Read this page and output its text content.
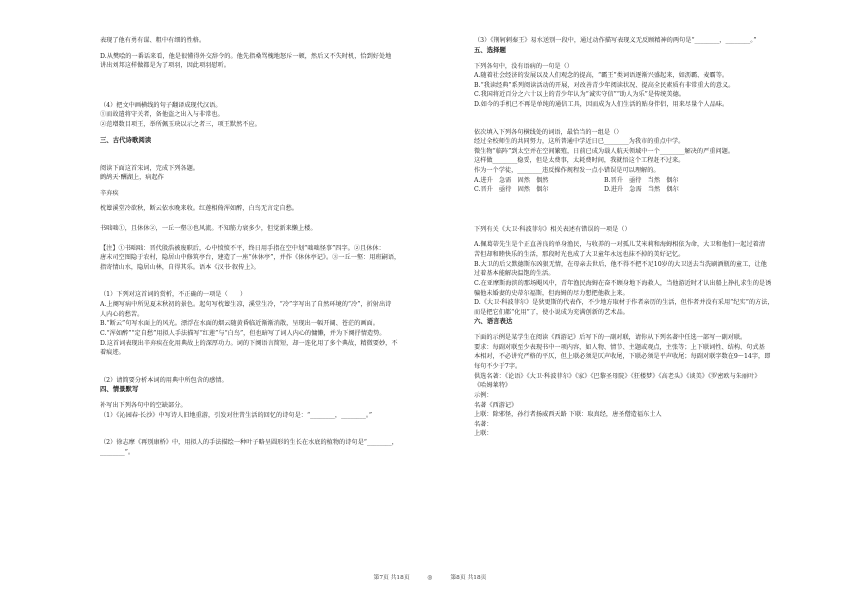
表现了他有勇有谋、粗中有细的性格。

D.从樊哙的一番话来看，他是很懂得外交辞令的。他先指桑骂槐地怒斥一顿，然后又不失时机，恰到好处地

讲出刘邦这样做都是为了项羽，因此项羽慰听。

（4）把文中画横线的句子翻译成现代汉语。

①而故遣将守关者，备他盗之出入与非常也。

②范增数目项王，举所佩玉玦以示之者三，项王默然不应。

三、古代诗歌阅读

阅读下面这首宋词，完成下列各题。

鹧鸪天·酬湖上，病起作

辛弃疾

枕簟溪堂冷欲秋，断云依水晚来收。红莲相倚浑如醉，白鸟无言定自愁。

书咄咄①，且休休②，一丘一壑③也风流。不知筋力衰多少，但觉新来懒上楼。

【注】①书咄咄：晋代殷浩被废职后，心中愤愤不平，终日用手指在空中划“咄咄怪事”四字。②且休休：

唐末司空图隐于农村，隐居山中修筑亭台，建造了一座“休休亭”，并作《休休亭记》。③一丘一壑：用班嗣语，

指寄情山水，隐居山林，自得其乐。语本《汉书·叙传上》。

（1）下列对这首词的赏析，不正确的一项是（　　）

A.上阕写病中所见夏末秋初的景色。起句写枕簟生凉，溪堂生冷，“冷”字写出了自然环境的“冷”，折射出诗

人内心的愁苦。

B.“断云”句写水面上的风光。漂浮在水面的烟云随黄昏临近渐渐消散，呈现出一幅开阔、苍茫的画面。

C.“浑如醉”“定自愁”用拟人手法描写“红莲”与“白鸟”，但也暗写了词人内心的慵懒，并为下阕抒情造势。

D.这首词表现出辛弃疾在化用典故上的深厚功力。词的下阕语言简短，却一连化用了多个典故，精微要妙，不

着痕迹。

（2）请简要分析本词的用典中所包含的感情。

四、情景默写

补写出下列各句中的空缺部分。

（1）《沁园春·长沙》中写诗人旧地重游，引发对往昔生活的回忆的诗句是：“________，________。”

（2）徐志摩《再别康桥》中，用拟人的手法描绘一种叶子略呈圆形的生长在水底的植物的诗句是“________，

________”。

（3）《荆轲刺秦王》易水送别一段中，通过动作描写表现义无反顾精神的两句是“________，________。”

五、选择题

下列各句中，没有语病的一句是（）

A.随着社会经济的发展以及人们观念的提高，“霸王”类词语逐渐兴盛起来，如沥霸、麦霸等。

B.“我读经典”系列阅读活动的开展，对改善青少年阅读状况、提高全民素质有非常重大的意义。

C.我国将近百分之六十以上的青少年认为“诚实守信”“助人为乐”是传统美德。

D.如今的手机已不再是单纯的通信工具，因而成为人们生活的贴身伴侣，用来尽量个人品味。

依次填入下列各句横线处的词语，最恰当的一组是（）

经过全校师生的共同努力，这所普通中学近日已________为我市的重点中学。

微生物“临阵”到太空并在空间繁殖，日前已成为载人航天领域中一个________解决的严重问题。

这样做________稳妥，但是太费事，太耗费时间，我就悟这个工程赶不过来。

作为一个学徒，________违反操作规程发一点小错误是可以理解的。

A.进升　急需　固然　偶然	B.晋升　亟待　当然　偶尔

C.晋升　亟待　固然　偶尔	D.进升　急需　当然　偶尔

下列有关《大卫·科波菲尔》相关表述有错误的一项是（）

A.佩葛蒂先生是个正直善良的单身渔民，与收养的一对孤儿艾米莉和海姆相依为命，大卫和他们一起过着清

苦但却和睦快乐的生活，那段时光也成了大卫童年永远也抹不掉的美好记忆。

B.大卫的后父默德斯东凶狠无情，在母亲去世后，他不得不把不足10岁的大卫送去当洗刷酒瓶的童工，让他

过着基本能解决温饱的生活。

C.在亚摩斯海滨的那场飓风中，青年渔民海姆在奋不顾身地下海救人，当他游近时才认出船上挣扎求生的是诱

骗他未婚妻的史蒂尔福斯，但海姆的尽力想把他救上来。

D.《大卫·科波菲尔》是狄更斯的代表作，不少地方取材于作者亲历的生活，但作者并没有采用“纪实”的方法，

而是把它们都“化用”了，使小说成为充满创新的艺术品。

六、语言表达

下面的示例是某学生在阅读《西游记》后写下的一副对联，请你从下列名著中任选一部写一副对联。

要求：每副对联至少表现书中一项内容，如人物、情节、主题或观点，主张等；上下联词性、结构、句式基

本相对，不必讲究严格的平仄，但上联必须是仄声收尾，下联必须是平声收尾；每副对联字数在9～14字，即

每句不少于7字。

供选名著：《论语》《大卫·科波菲尔》《家》《巴黎圣母院》《狂楼梦》《高老头》《谈美》《罗密欧与朱丽叶》

《哈姆莱特》

示例：

名著《西游记》

上联：除邪怪，孙行者扬威西天路 下联：取真经，唐圣僧造福东土人

名著：

上联：

第7页 共18页	◎	第8页 共18页
